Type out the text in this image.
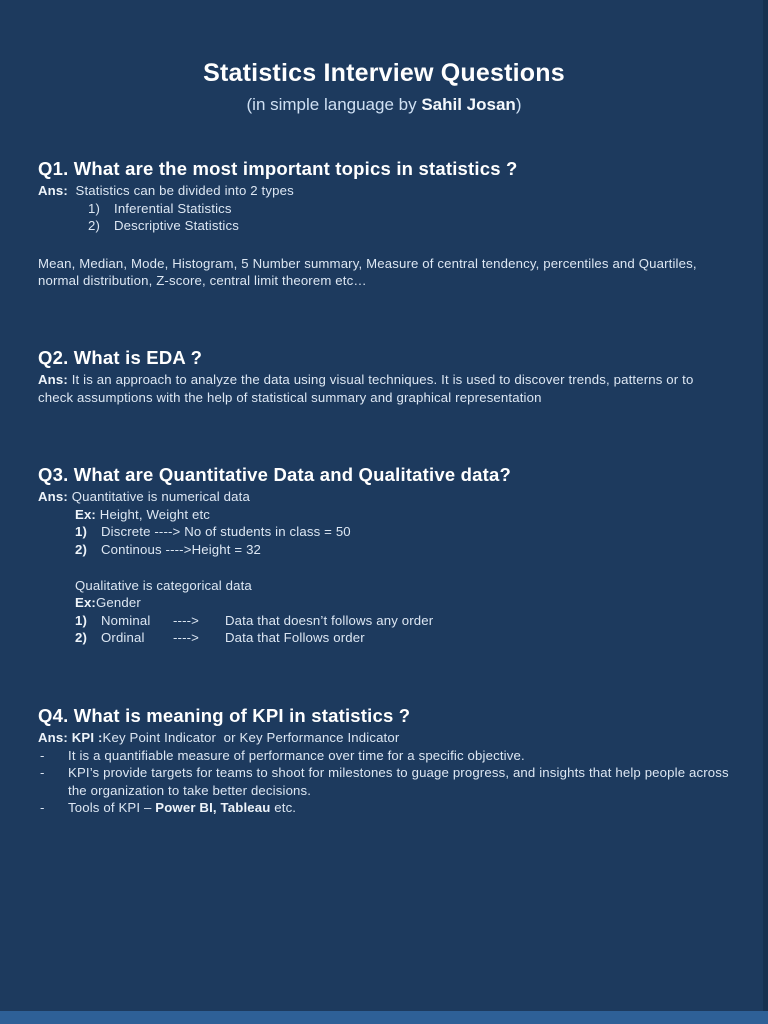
Statistics Interview Questions
(in simple language by Sahil Josan)
Q1. What are the most important topics in statistics ?
Ans:  Statistics can be divided into 2 types
1) Inferential Statistics
2) Descriptive Statistics
Mean, Median, Mode, Histogram, 5 Number summary, Measure of central tendency, percentiles and Quartiles, normal distribution, Z-score, central limit theorem etc…
Q2. What is EDA ?
Ans: It is an approach to analyze the data using visual techniques. It is used to discover trends, patterns or to check assumptions with the help of statistical summary and graphical representation
Q3. What are Quantitative Data and Qualitative data?
Ans: Quantitative is numerical data
Ex: Height, Weight etc
1) Discrete ----> No of students in class = 50
2) Continous ---->Height = 32
Qualitative is categorical data
Ex:Gender
1) Nominal ----> Data that doesn’t follows any order
2) Ordinal ----> Data that Follows order
Q4. What is meaning of KPI in statistics ?
Ans: KPI :Key Point Indicator  or Key Performance Indicator
- It is a quantifiable measure of performance over time for a specific objective.
- KPI’s provide targets for teams to shoot for milestones to guage progress, and insights that help people across the organization to take better decisions.
- Tools of KPI – Power BI, Tableau etc.
